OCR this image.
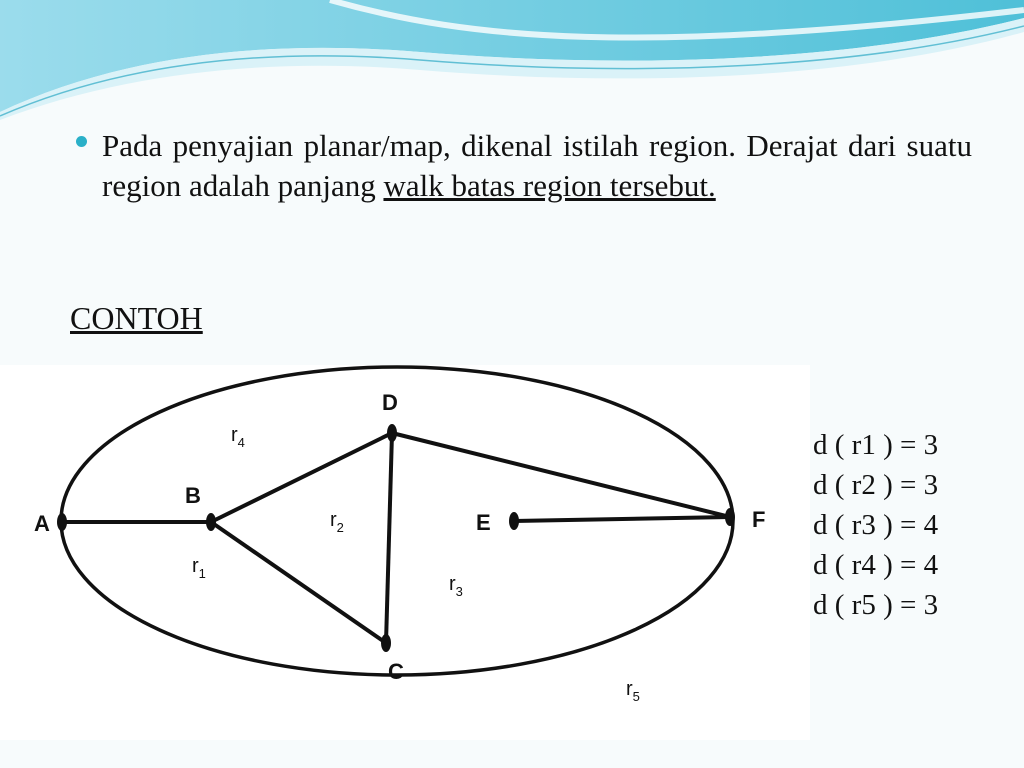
Pada penyajian planar/map, dikenal istilah region. Derajat dari suatu region adalah panjang walk batas region tersebut.
CONTOH
A
B
C
D
E	F
$r_1$
$r_2$
$r_3$
$r_4$
$r_5$
d ( r1 ) = 3
d ( r2 ) = 3
d ( r3 ) = 4
d ( r4 ) = 4
d ( r5 ) = 3
